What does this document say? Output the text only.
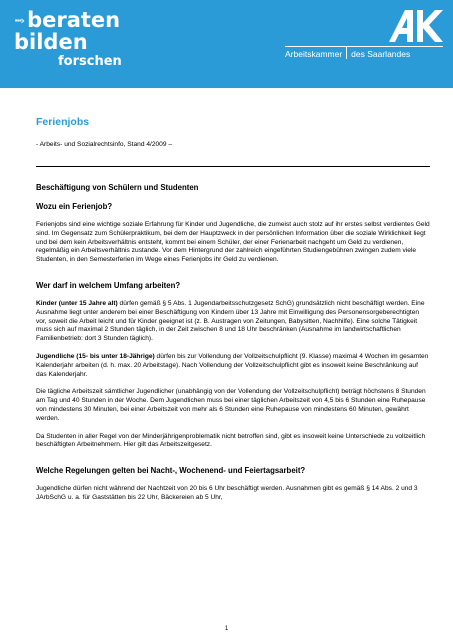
···› beraten
bilden
forschen	Arbeitskammer des Saarlandes
Ferienjobs
- Arbeits- und Sozialrechtsinfo, Stand 4/2009 –
Beschäftigung von Schülern und Studenten
Wozu ein Ferienjob?

Ferienjobs sind eine wichtige soziale Erfahrung für Kinder und Jugendliche, die zumeist auch stolz auf ihr erstes selbst verdientes Geld sind. Im Gegensatz zum Schülerpraktikum, bei dem der Hauptzweck in der persönlichen Information über die soziale Wirklichkeit liegt und bei dem kein Arbeitsverhältnis entsteht, kommt bei einem Schüler, der einer Ferienarbeit nachgeht um Geld zu verdienen, regelmäßig ein Arbeitsverhältnis zustande. Vor dem Hintergrund der zahlreich eingeführten Studiengebühren zwingen zudem viele Studenten, in den Semesterferien im Wege eines Ferienjobs ihr Geld zu verdienen.

Wer darf in welchem Umfang arbeiten?

Kinder (unter 15 Jahre alt) dürfen gemäß § 5 Abs. 1 Jugendarbeitsschutzgesetz SchG) grundsätzlich nicht beschäftigt werden. Eine Ausnahme liegt unter anderem bei einer Beschäftigung von Kindern über 13 Jahre mit Einwilligung des Personensorgeberechtigten vor, soweit die Arbeit leicht und für Kinder geeignet ist (z. B. Austragen von Zeitungen, Babysitten, Nachhilfe). Eine solche Tätigkeit muss sich auf maximal 2 Stunden täglich, in der Zeit zwischen 8 und 18 Uhr beschränken (Ausnahme im landwirtschaftlichen Familienbetrieb: dort 3 Stunden täglich).

Jugendliche (15- bis unter 18-Jährige) dürfen bis zur Vollendung der Vollzeitschulpflicht (9. Klasse) maximal 4 Wochen im gesamten Kalenderjahr arbeiten (d. h. max. 20 Arbeitstage). Nach Vollendung der Vollzeitschulpflicht gibt es insoweit keine Beschränkung auf das Kalenderjahr.

Die tägliche Arbeitszeit sämtlicher Jugendlicher (unabhängig von der Vollendung der Vollzeitschulpflicht) beträgt höchstens 8 Stunden am Tag und 40 Stunden in der Woche. Dem Jugendlichen muss bei einer täglichen Arbeitszeit von 4,5 bis 6 Stunden eine Ruhepause von mindestens 30 Minuten, bei einer Arbeitszeit von mehr als 6 Stunden eine Ruhepause von mindestens 60 Minuten, gewährt werden.

Da Studenten in aller Regel von der Minderjährigenproblematik nicht betroffen sind, gibt es insoweit keine Unterschiede zu vollzeitlich beschäftigten Arbeitnehmern. Hier gilt das Arbeitszeitgesetz.

Welche Regelungen gelten bei Nacht-, Wochenend- und Feiertagsarbeit?

Jugendliche dürfen nicht während der Nachtzeit von 20 bis 6 Uhr beschäftigt werden. Ausnahmen gibt es gemäß § 14 Abs. 2 und 3 JArbSchG u. a. für Gaststätten bis 22 Uhr, Bäckereien ab 5 Uhr,

1
